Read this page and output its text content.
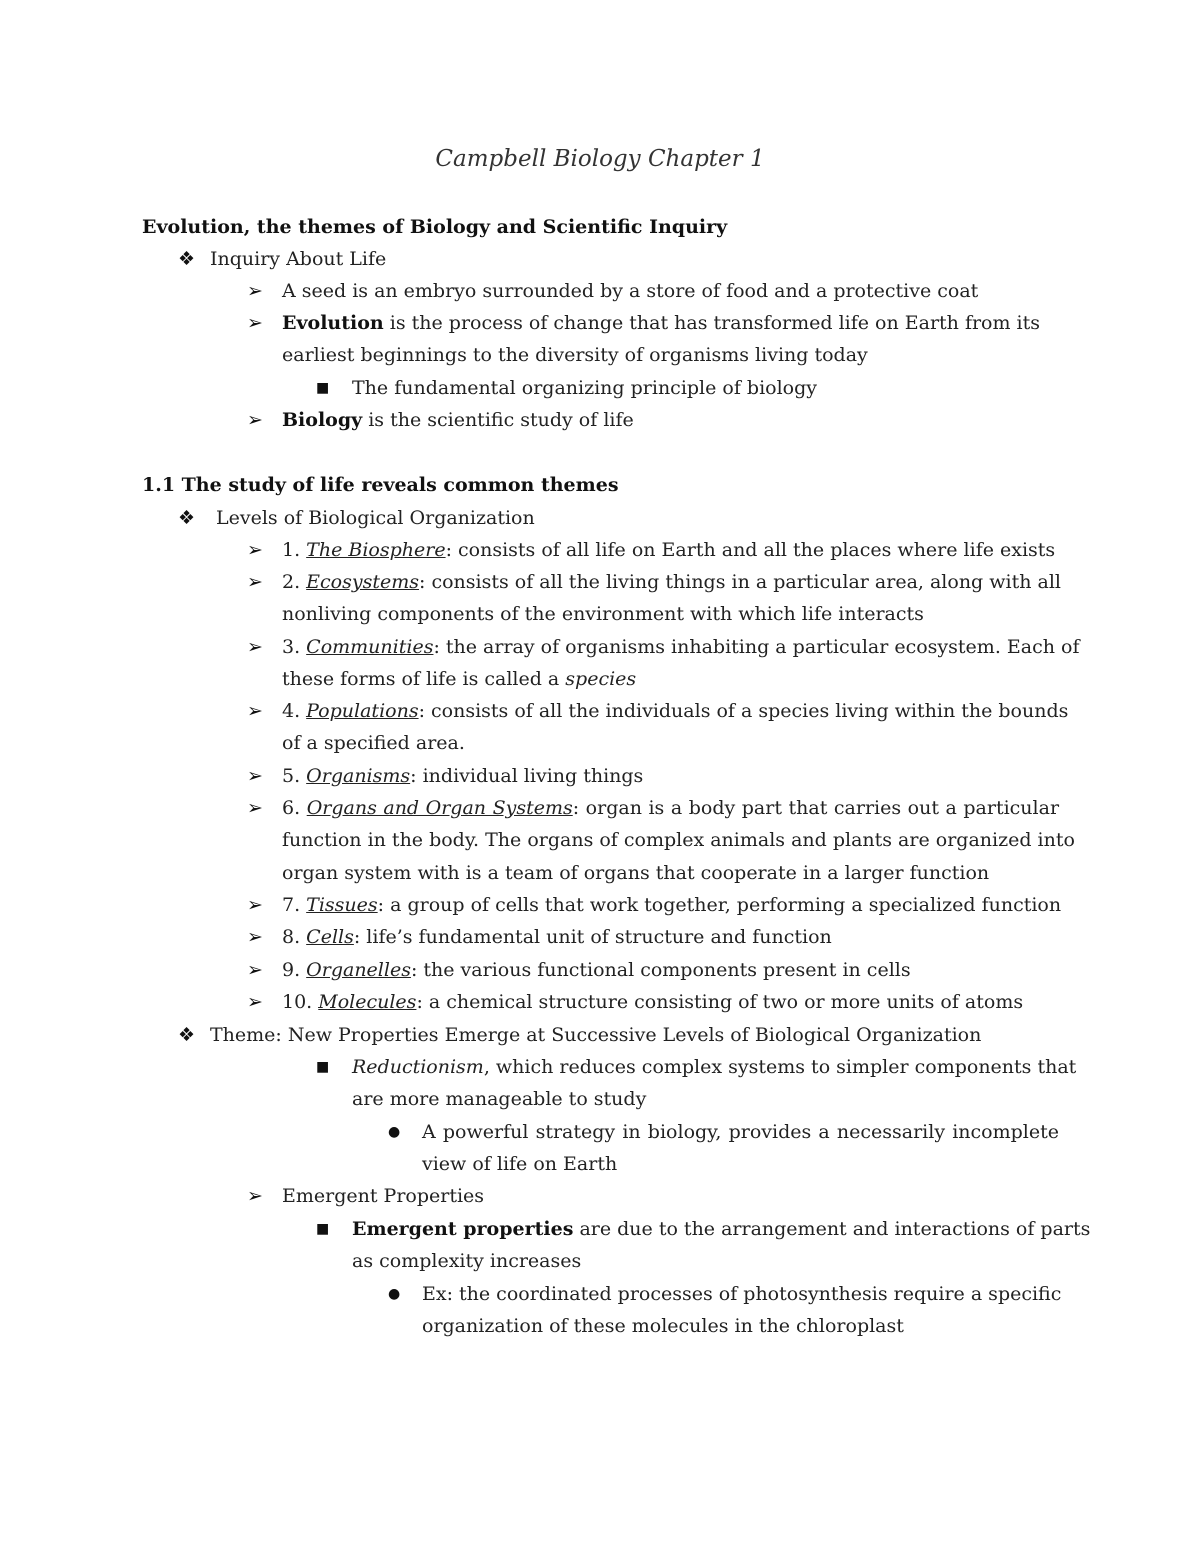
Campbell Biology Chapter 1
Evolution, the themes of Biology and Scientific Inquiry
❖ Inquiry About Life
➢ A seed is an embryo surrounded by a store of food and a protective coat
➢ Evolution is the process of change that has transformed life on Earth from its
earliest beginnings to the diversity of organisms living today
■ The fundamental organizing principle of biology
➢ Biology is the scientific study of life
1.1 The study of life reveals common themes
❖ Levels of Biological Organization
➢ 1. The Biosphere: consists of all life on Earth and all the places where life exists
➢ 2. Ecosystems: consists of all the living things in a particular area, along with all
nonliving components of the environment with which life interacts
➢ 3. Communities: the array of organisms inhabiting a particular ecosystem. Each of
these forms of life is called a species
➢ 4. Populations: consists of all the individuals of a species living within the bounds
of a specified area.
➢ 5. Organisms: individual living things
➢ 6. Organs and Organ Systems: organ is a body part that carries out a particular
function in the body. The organs of complex animals and plants are organized into
organ system with is a team of organs that cooperate in a larger function
➢ 7. Tissues: a group of cells that work together, performing a specialized function
➢ 8. Cells: life’s fundamental unit of structure and function
➢ 9. Organelles: the various functional components present in cells
➢ 10. Molecules: a chemical structure consisting of two or more units of atoms
❖ Theme: New Properties Emerge at Successive Levels of Biological Organization
■ Reductionism, which reduces complex systems to simpler components that
are more manageable to study
● A powerful strategy in biology, provides a necessarily incomplete
view of life on Earth
➢ Emergent Properties
■ Emergent properties are due to the arrangement and interactions of parts
as complexity increases
● Ex: the coordinated processes of photosynthesis require a specific
organization of these molecules in the chloroplast
